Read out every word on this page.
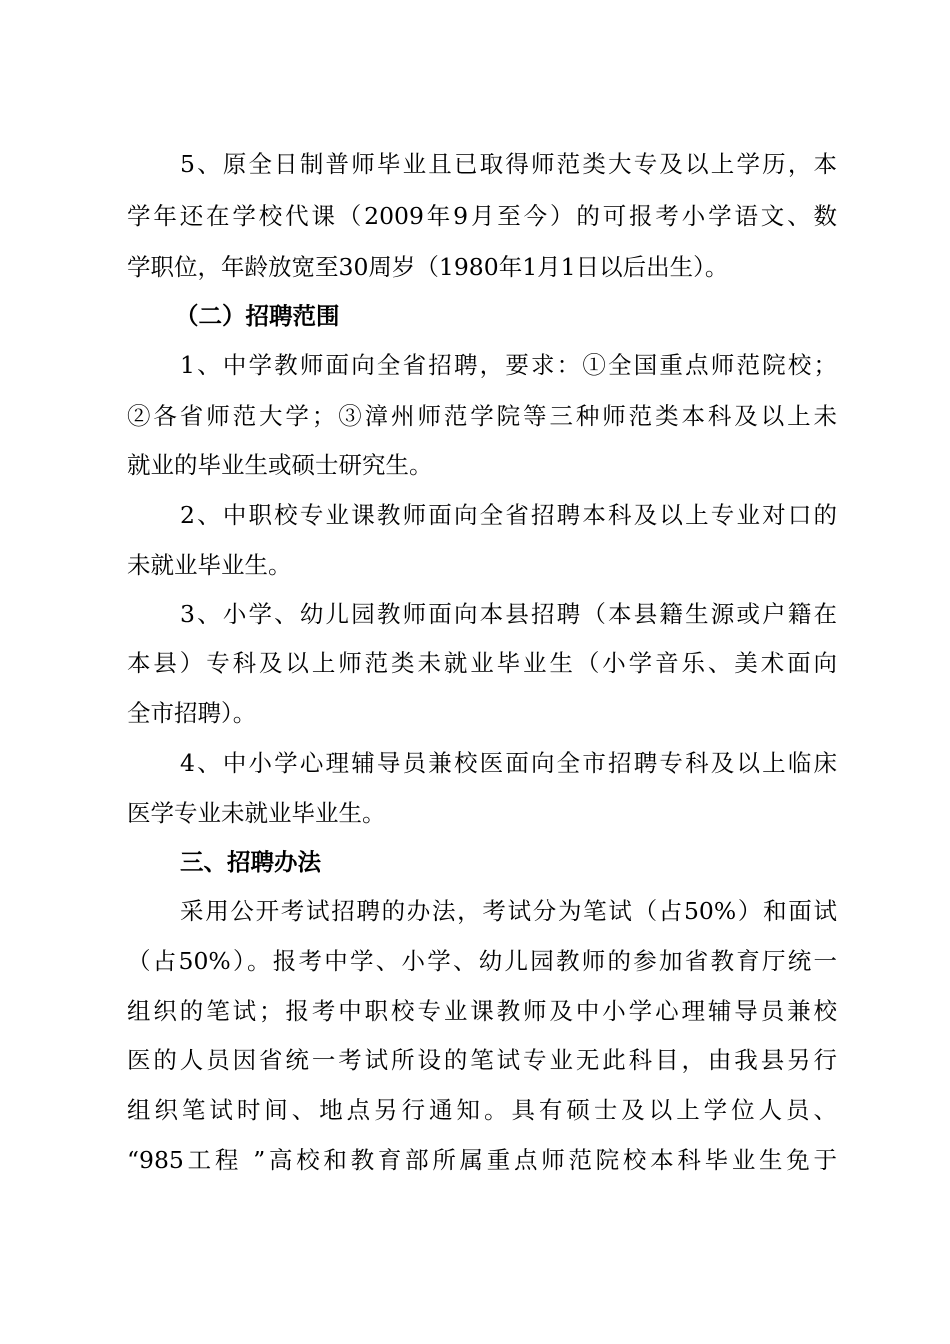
5、原全日制普师毕业且已取得师范类大专及以上学历，本
学年还在学校代课（2009年9月至今）的可报考小学语文、数
学职位，年龄放宽至30周岁（1980年1月1日以后出生）。
（二）招聘范围
1、中学教师面向全省招聘，要求：①全国重点师范院校；
②各省师范大学；③漳州师范学院等三种师范类本科及以上未
就业的毕业生或硕士研究生。
2、中职校专业课教师面向全省招聘本科及以上专业对口的
未就业毕业生。
3、小学、幼儿园教师面向本县招聘（本县籍生源或户籍在
本县）专科及以上师范类未就业毕业生（小学音乐、美术面向
全市招聘）。
4、中小学心理辅导员兼校医面向全市招聘专科及以上临床
医学专业未就业毕业生。
三、招聘办法
采用公开考试招聘的办法，考试分为笔试（占50%）和面试
（占50%）。报考中学、小学、幼儿园教师的参加省教育厅统一
组织的笔试；报考中职校专业课教师及中小学心理辅导员兼校
医的人员因省统一考试所设的笔试专业无此科目，由我县另行
组织笔试时间、地点另行通知。具有硕士及以上学位人员、
“985工程 ”高校和教育部所属重点师范院校本科毕业生免于
